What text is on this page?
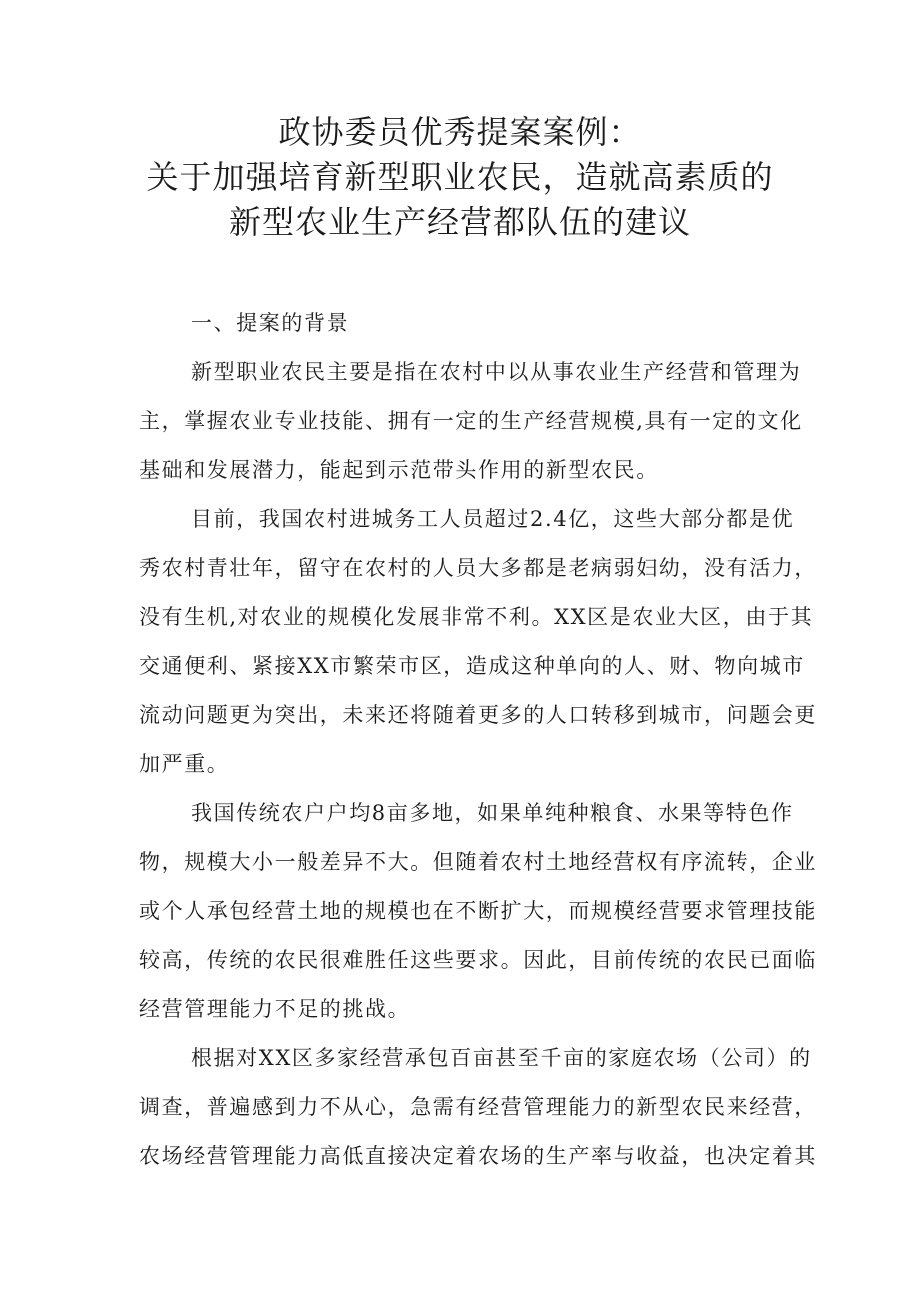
政协委员优秀提案案例：
关于加强培育新型职业农民，造就高素质的
新型农业生产经营都队伍的建议
一、提案的背景
新型职业农民主要是指在农村中以从事农业生产经营和管理为
主，掌握农业专业技能、拥有一定的生产经营规模,具有一定的文化
基础和发展潜力，能起到示范带头作用的新型农民。
目前，我国农村进城务工人员超过2.4亿，这些大部分都是优
秀农村青壮年，留守在农村的人员大多都是老病弱妇幼，没有活力，
没有生机,对农业的规模化发展非常不利。XX区是农业大区，由于其
交通便利、紧接XX市繁荣市区，造成这种单向的人、财、物向城市
流动问题更为突出，未来还将随着更多的人口转移到城市，问题会更
加严重。
我国传统农户户均8亩多地，如果单纯种粮食、水果等特色作
物，规模大小一般差异不大。但随着农村土地经营权有序流转，企业
或个人承包经营土地的规模也在不断扩大，而规模经营要求管理技能
较高，传统的农民很难胜任这些要求。因此，目前传统的农民已面临
经营管理能力不足的挑战。
根据对XX区多家经营承包百亩甚至千亩的家庭农场（公司）的
调查，普遍感到力不从心，急需有经营管理能力的新型农民来经营，
农场经营管理能力高低直接决定着农场的生产率与收益，也决定着其
